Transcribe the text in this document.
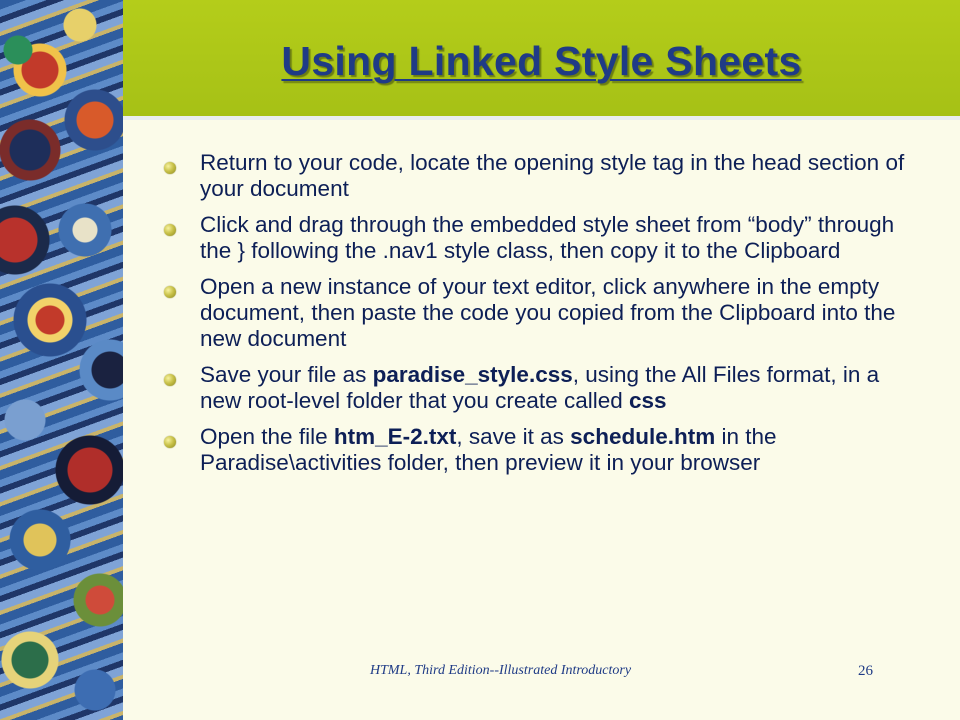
Using Linked Style Sheets

Return to your code, locate the opening style tag in the head section of your document

Click and drag through the embedded style sheet from “body” through the } following the .nav1 style class, then copy it to the Clipboard

Open a new instance of your text editor, click anywhere in the empty document, then paste the code you copied from the Clipboard into the new document

Save your file as paradise_style.css, using the All Files format, in a new root-level folder that you create called css

Open the file htm_E-2.txt, save it as schedule.htm in the Paradise\activities folder, then preview it in your browser

HTML, Third Edition--Illustrated Introductory	26
